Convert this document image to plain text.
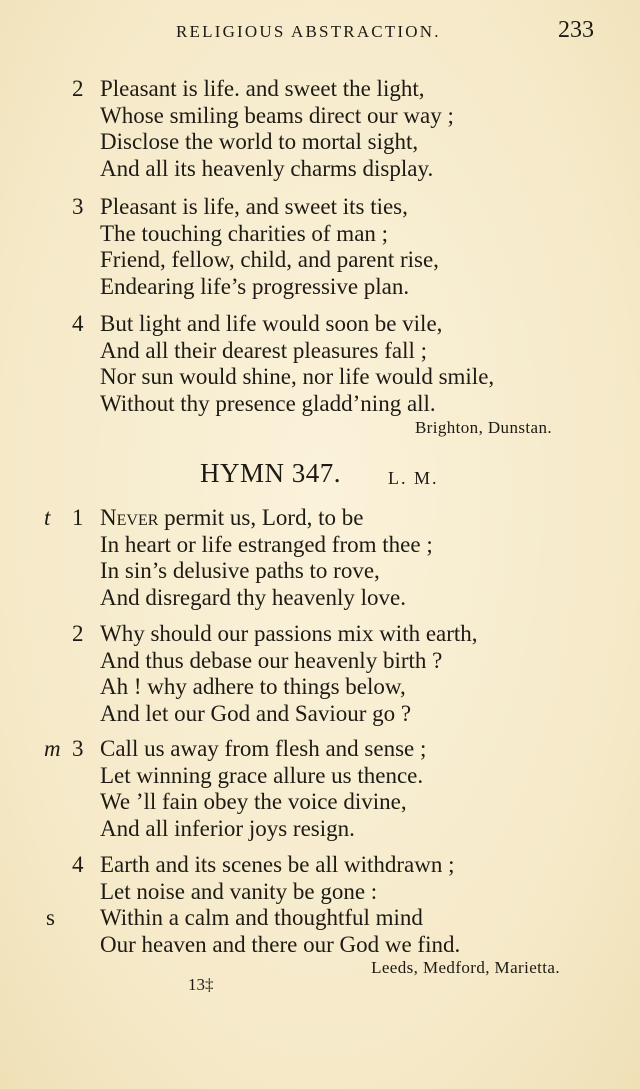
RELIGIOUS ABSTRACTION.	233
2 Pleasant is life. and sweet the light,
Whose smiling beams direct our way ;
Disclose the world to mortal sight,
And all its heavenly charms display.
3 Pleasant is life, and sweet its ties,
The touching charities of man ;
Friend, fellow, child, and parent rise,
Endearing life’s progressive plan.
4 But light and life would soon be vile,
And all their dearest pleasures fall ;
Nor sun would shine, nor life would smile,
Without thy presence gladd’ning all.
Brighton, Dunstan.
HYMN 347.	L. M.
t 1 Never permit us, Lord, to be
In heart or life estranged from thee ;
In sin’s delusive paths to rove,
And disregard thy heavenly love.
2 Why should our passions mix with earth,
And thus debase our heavenly birth ?
Ah ! why adhere to things below,
And let our God and Saviour go ?
m 3 Call us away from flesh and sense ;
Let winning grace allure us thence.
We ’ll fain obey the voice divine,
And all inferior joys resign.
4 Earth and its scenes be all withdrawn ;
Let noise and vanity be gone :
s Within a calm and thoughtful mind
Our heaven and there our God we find.
Leeds, Medford, Marietta.
13‡
